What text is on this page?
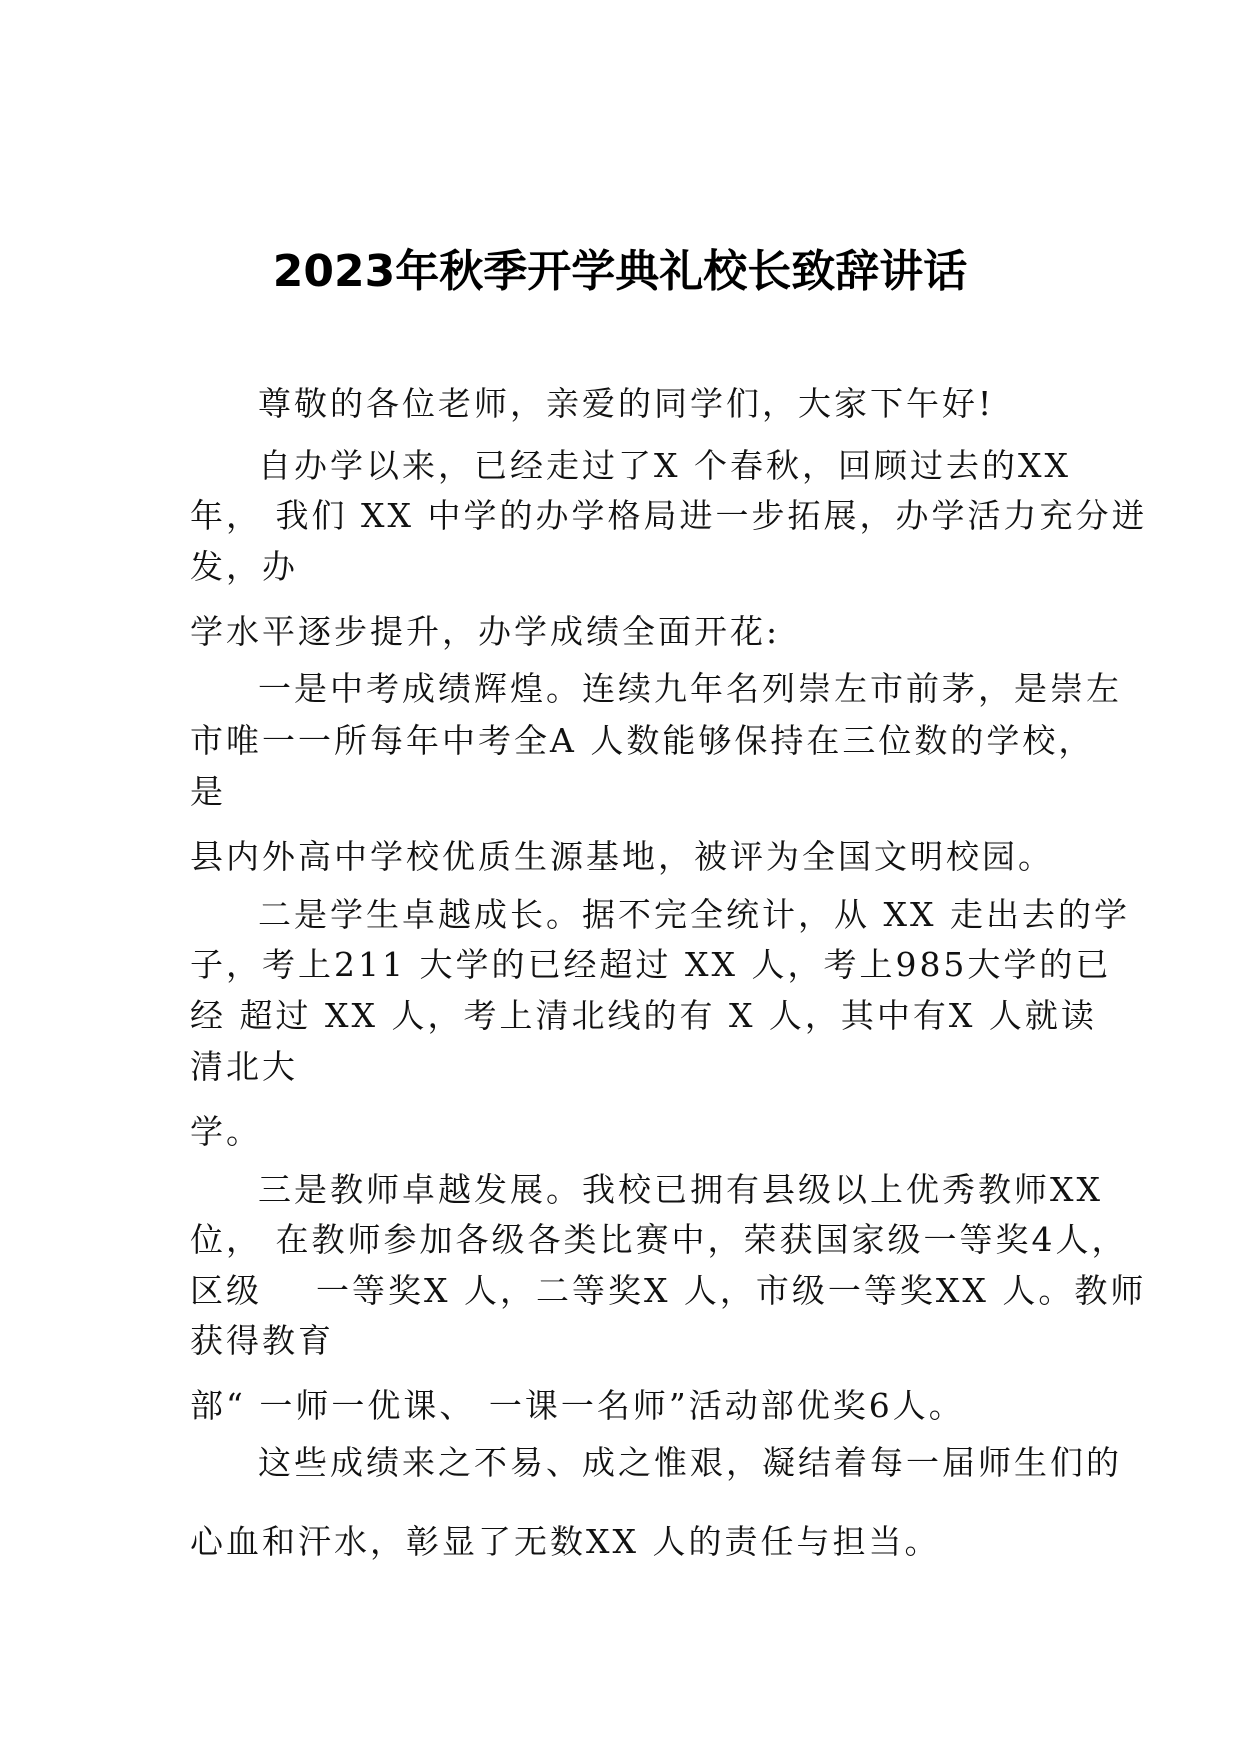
2023年秋季开学典礼校长致辞讲话
尊敬的各位老师，亲爱的同学们，大家下午好!
自办学以来，已经走过了X 个春秋，回顾过去的XX
年， 我们 XX 中学的办学格局进一步拓展，办学活力充分迸
发，办
学水平逐步提升，办学成绩全面开花:
一是中考成绩辉煌。连续九年名列崇左市前茅，是崇左
市唯一一所每年中考全A 人数能够保持在三位数的学校，
是
县内外高中学校优质生源基地，被评为全国文明校园。
二是学生卓越成长。据不完全统计，从 XX 走出去的学
子，考上211 大学的已经超过 XX 人，考上985大学的已
经 超过 XX 人，考上清北线的有 X 人，其中有X 人就读
清北大
学。
三是教师卓越发展。我校已拥有县级以上优秀教师XX
位， 在教师参加各级各类比赛中，荣获国家级一等奖4人，
区级    一等奖X 人，二等奖X 人，市级一等奖XX 人。教师
获得教育
部“ 一师一优课、 一课一名师”活动部优奖6人。
这些成绩来之不易、成之惟艰，凝结着每一届师生们的
心血和汗水，彰显了无数XX 人的责任与担当。
